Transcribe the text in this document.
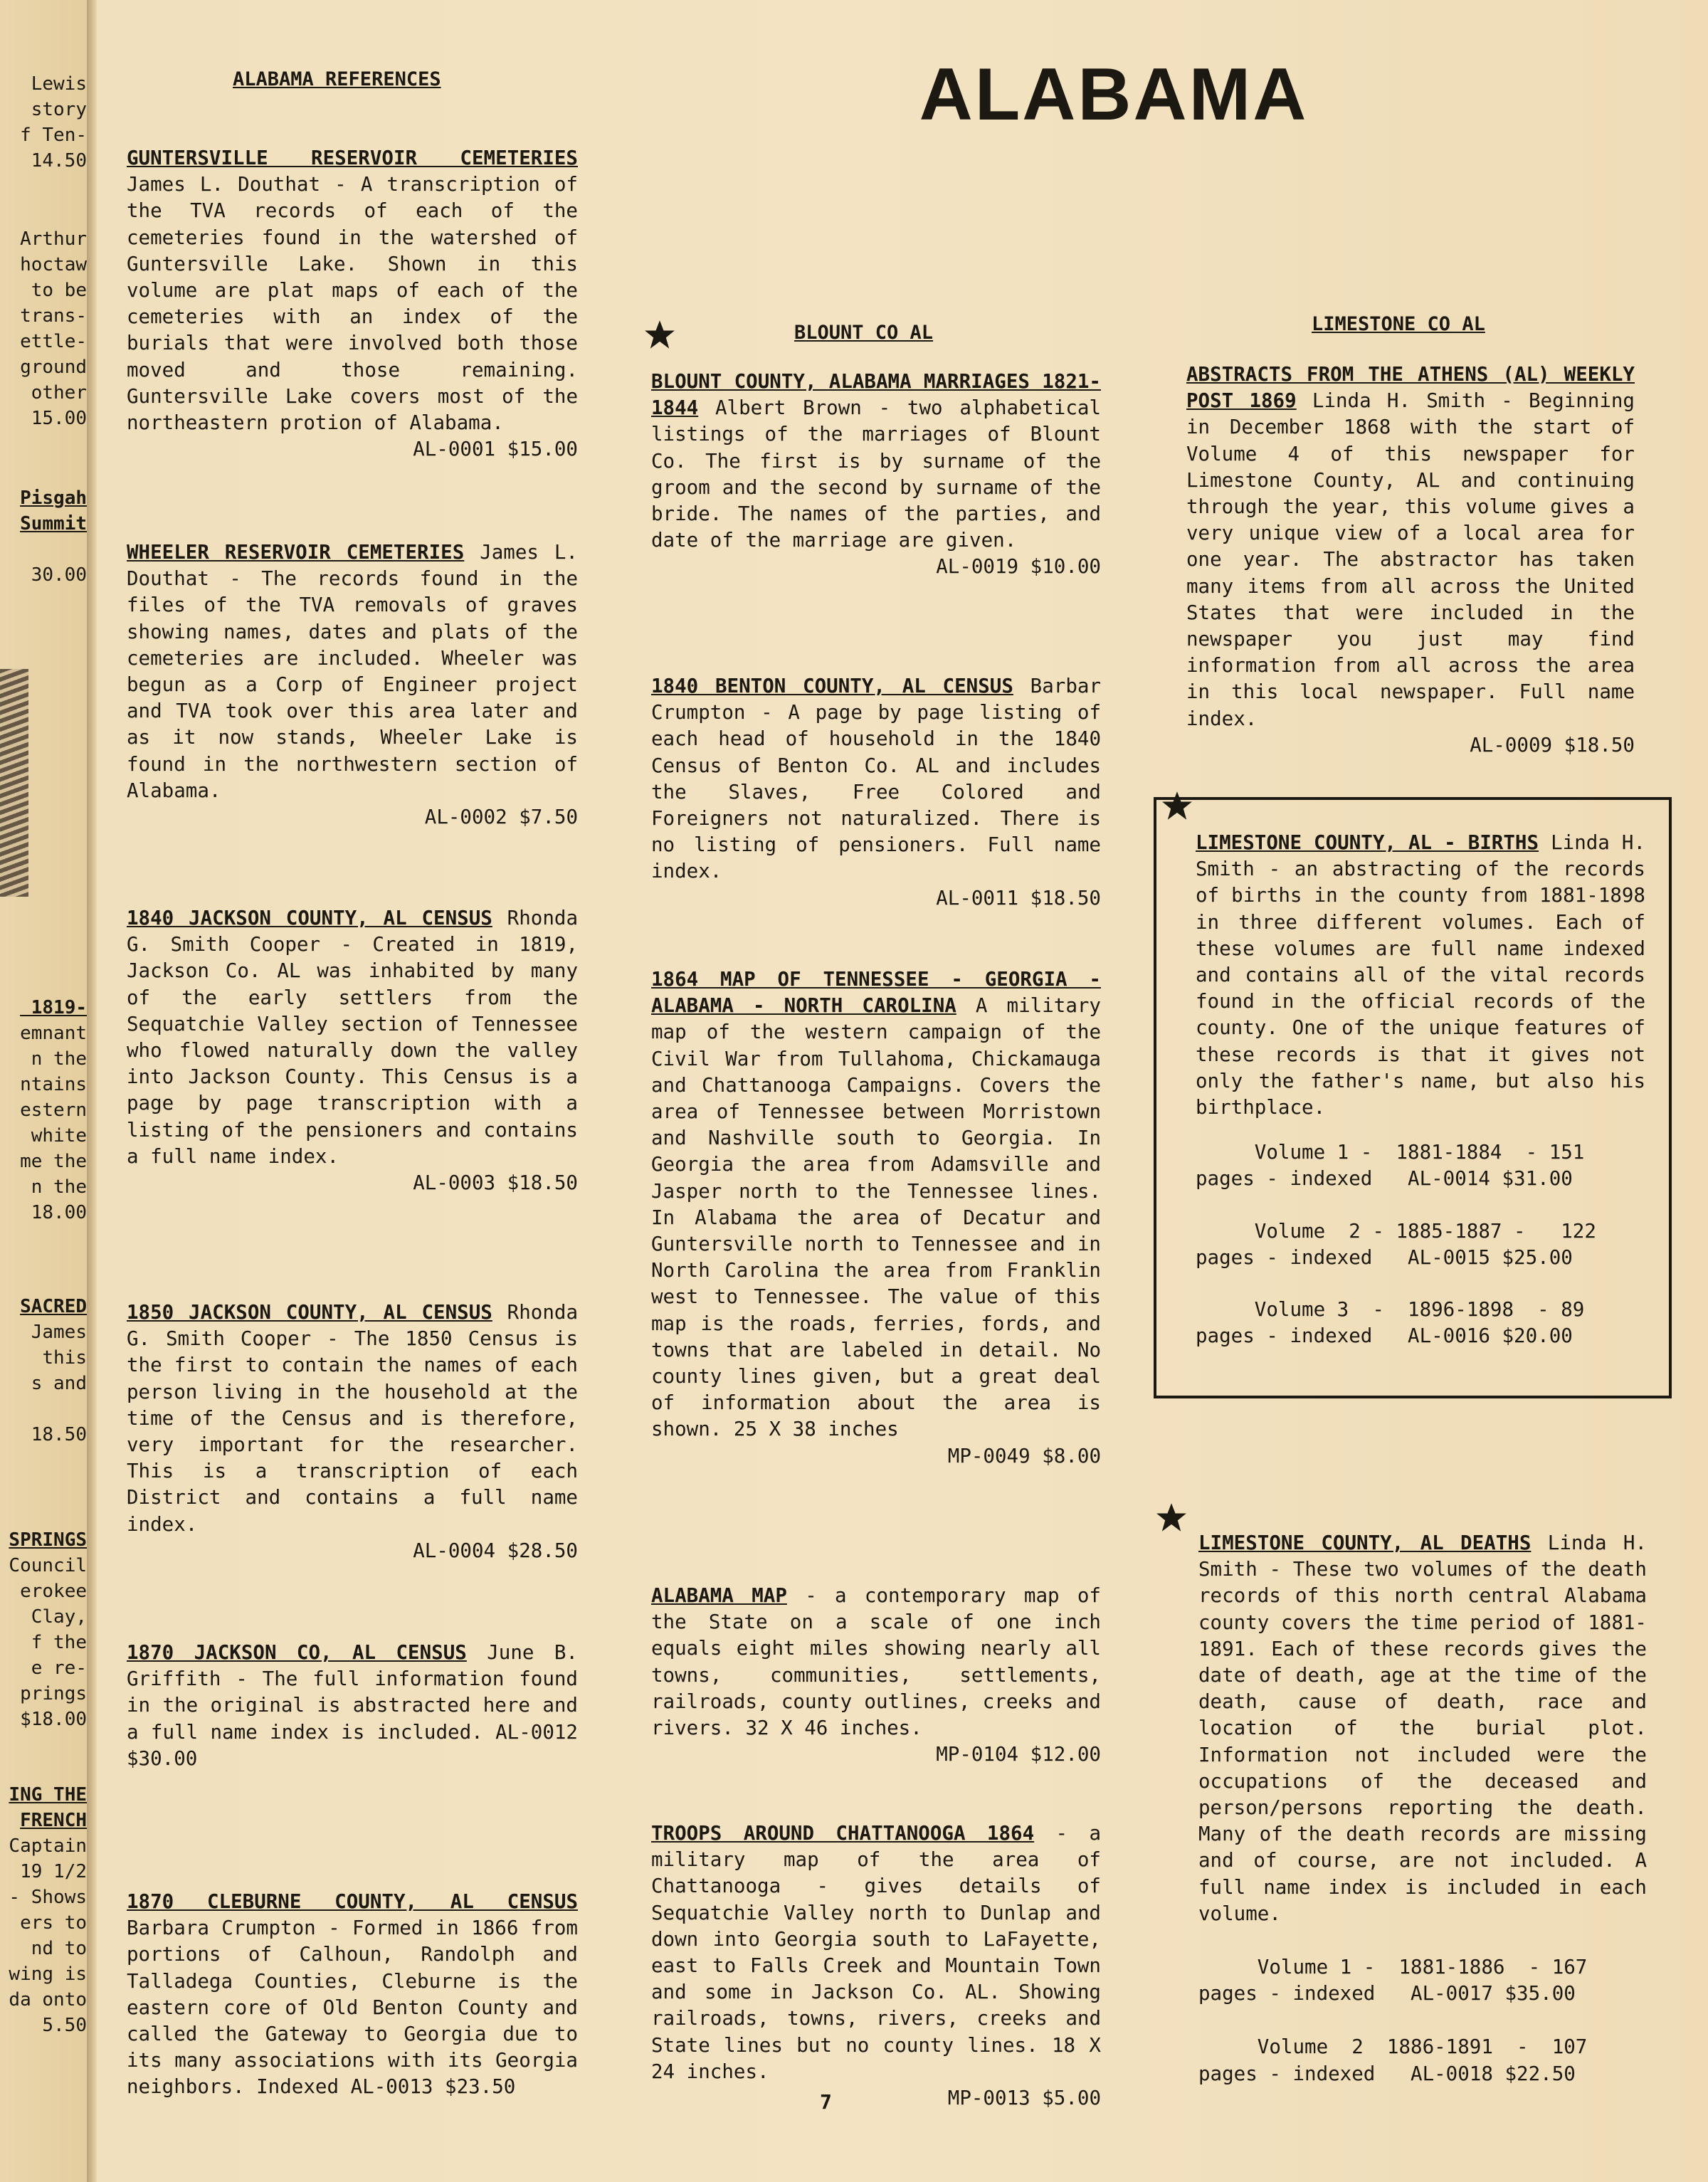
Lewis
story
f Ten-
14.50
Arthur
hoctaw
to be
trans-
ettle-
ground
other
15.00
Pisgah
Summit
30.00
1819-
emnant
n the
ntains
estern
white
me the
n the
18.00
SACRED
James
this
s and
18.50
SPRINGS
Council
erokee
Clay,
f the
e re-
prings
$18.00
ING THE
FRENCH
Captain
19 1/2
- Shows
ers to
nd to
wing is
da onto
5.50
ALABAMA
ALABAMA REFERENCES

GUNTERSVILLE RESERVOIR CEMETERIES James L. Douthat - A transcription of the TVA records of each of the cemeteries found in the watershed of Guntersville Lake. Shown in this volume are plat maps of each of the cemeteries with an index of the burials that were involved both those moved and those remaining. Guntersville Lake covers most of the northeastern protion of Alabama.

AL-0001 $15.00

WHEELER RESERVOIR CEMETERIES James L. Douthat - The records found in the files of the TVA removals of graves showing names, dates and plats of the cemeteries are included. Wheeler was begun as a Corp of Engineer project and TVA took over this area later and as it now stands, Wheeler Lake is found in the northwestern section of Alabama.

AL-0002 $7.50

1840 JACKSON COUNTY, AL CENSUS Rhonda G. Smith Cooper - Created in 1819, Jackson Co. AL was inhabited by many of the early settlers from the Sequatchie Valley section of Tennessee who flowed naturally down the valley into Jackson County. This Census is a page by page transcription with a listing of the pensioners and contains a full name index.

AL-0003 $18.50

1850 JACKSON COUNTY, AL CENSUS Rhonda G. Smith Cooper - The 1850 Census is the first to contain the names of each person living in the household at the time of the Census and is therefore, very important for the researcher. This is a transcription of each District and contains a full name index.

AL-0004 $28.50

1870 JACKSON CO, AL CENSUS June B. Griffith - The full information found in the original is abstracted here and a full name index is included. AL-0012 $30.00

1870 CLEBURNE COUNTY, AL CENSUS Barbara Crumpton - Formed in 1866 from portions of Calhoun, Randolph and Talladega Counties, Cleburne is the eastern core of Old Benton County and called the Gateway to Georgia due to its many associations with its Georgia neighbors. Indexed AL-0013 $23.50

BLOUNT CO AL

BLOUNT COUNTY, ALABAMA MARRIAGES 1821-1844 Albert Brown - two alphabetical listings of the marriages of Blount Co. The first is by surname of the groom and the second by surname of the bride. The names of the parties, and date of the marriage are given.

AL-0019 $10.00

1840 BENTON COUNTY, AL CENSUS Barbar Crumpton - A page by page listing of each head of household in the 1840 Census of Benton Co. AL and includes the Slaves, Free Colored and Foreigners not naturalized. There is no listing of pensioners. Full name index.

AL-0011 $18.50

1864 MAP OF TENNESSEE - GEORGIA - ALABAMA - NORTH CAROLINA A military map of the western campaign of the Civil War from Tullahoma, Chickamauga and Chattanooga Campaigns. Covers the area of Tennessee between Morristown and Nashville south to Georgia. In Georgia the area from Adamsville and Jasper north to the Tennessee lines. In Alabama the area of Decatur and Guntersville north to Tennessee and in North Carolina the area from Franklin west to Tennessee. The value of this map is the roads, ferries, fords, and towns that are labeled in detail. No county lines given, but a great deal of information about the area is shown. 25 X 38 inches

MP-0049 $8.00

ALABAMA MAP - a contemporary map of the State on a scale of one inch equals eight miles showing nearly all towns, communities, settlements, railroads, county outlines, creeks and rivers. 32 X 46 inches.

MP-0104 $12.00

TROOPS AROUND CHATTANOOGA 1864 - a military map of the area of Chattanooga - gives details of Sequatchie Valley north to Dunlap and down into Georgia south to LaFayette, east to Falls Creek and Mountain Town and some in Jackson Co. AL. Showing railroads, towns, rivers, creeks and State lines but no county lines. 18 X 24 inches.

MP-0013 $5.00

LIMESTONE CO AL

ABSTRACTS FROM THE ATHENS (AL) WEEKLY POST 1869 Linda H. Smith - Beginning in December 1868 with the start of Volume 4 of this newspaper for Limestone County, AL and continuing through the year, this volume gives a very unique view of a local area for one year. The abstractor has taken many items from all across the United States that were included in the newspaper you just may find information from all across the area in this local newspaper. Full name index.

AL-0009 $18.50

LIMESTONE COUNTY, AL - BIRTHS Linda H. Smith - an abstracting of the records of births in the county from 1881-1898 in three different volumes. Each of these volumes are full name indexed and contains all of the vital records found in the official records of the county. One of the unique features of these records is that it gives not only the father's name, but also his birthplace.

Volume 1 -  1881-1884  - 151

pages - indexed   AL-0014 $31.00

Volume  2 - 1885-1887 -   122

pages - indexed   AL-0015 $25.00

Volume 3  -  1896-1898  - 89

pages - indexed   AL-0016 $20.00

LIMESTONE COUNTY, AL DEATHS Linda H. Smith - These two volumes of the death records of this north central Alabama county covers the time period of 1881-1891. Each of these records gives the date of death, age at the time of the death, cause of death, race and location of the burial plot. Information not included were the occupations of the deceased and person/persons reporting the death. Many of the death records are missing and of course, are not included. A full name index is included in each volume.

Volume 1 -  1881-1886  - 167

pages - indexed   AL-0017 $35.00

Volume  2  1886-1891  -  107

pages - indexed   AL-0018 $22.50

7
